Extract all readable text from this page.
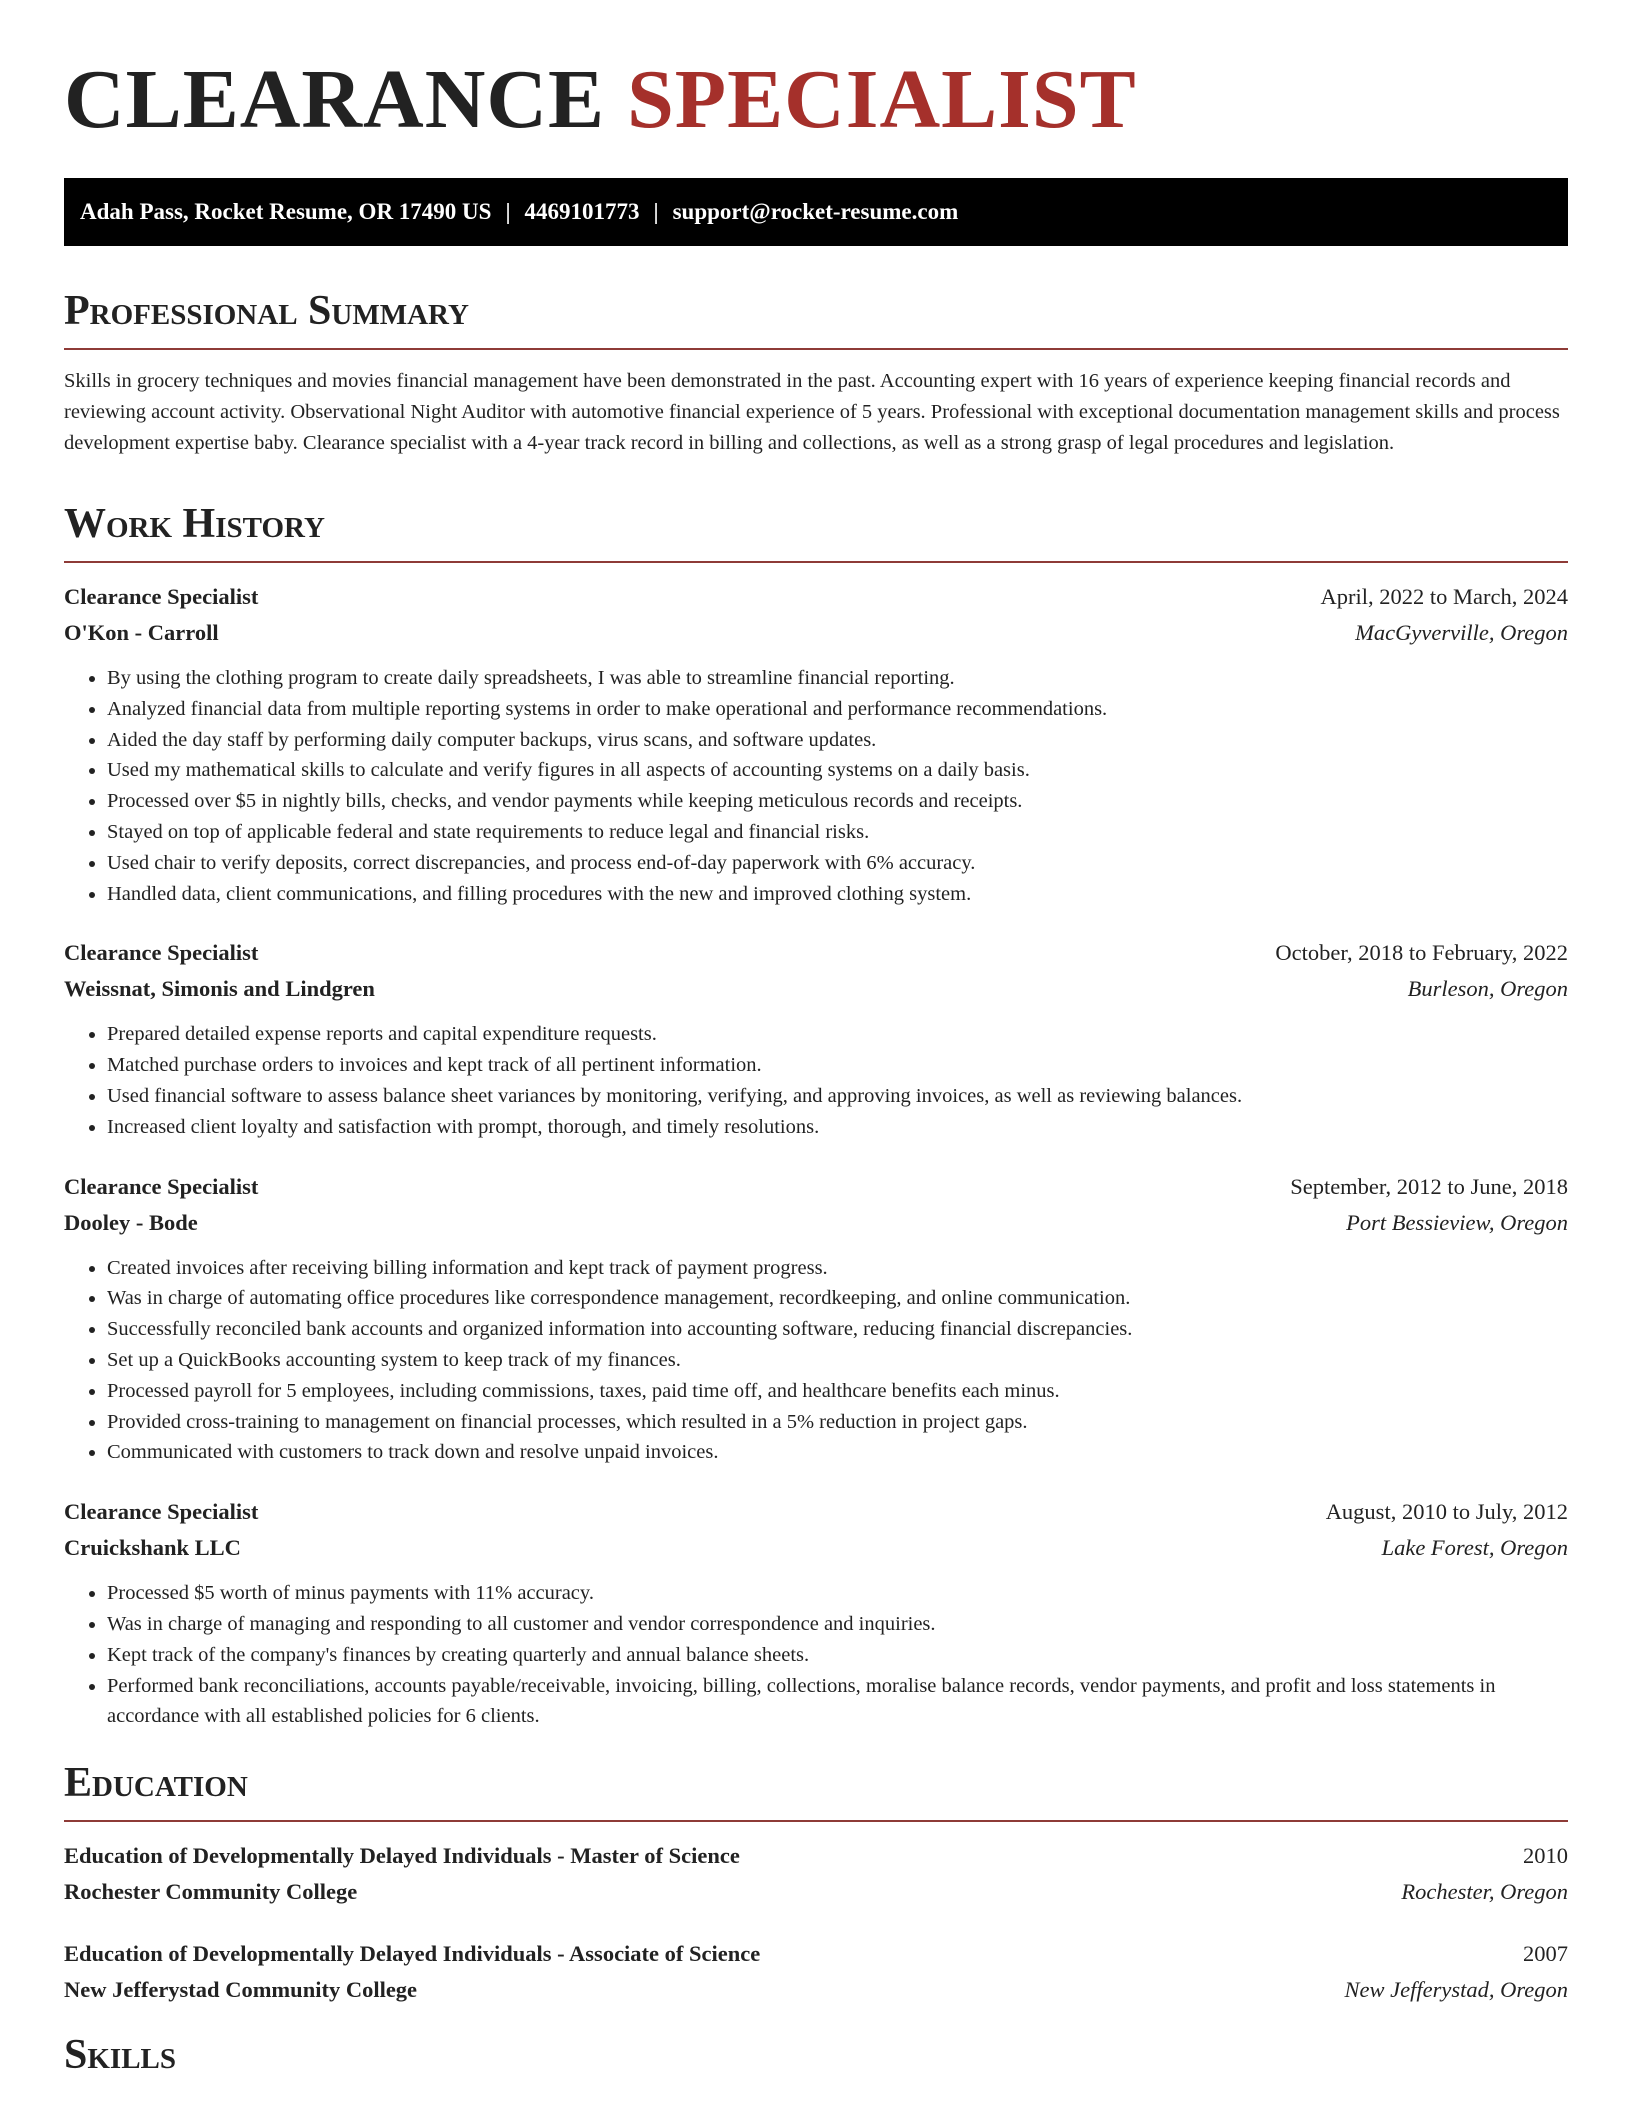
CLEARANCE SPECIALIST
Adah Pass, Rocket Resume, OR 17490 US | 4469101773 | support@rocket-resume.com
Professional Summary

Skills in grocery techniques and movies financial management have been demonstrated in the past. Accounting expert with 16 years of experience keeping financial records and reviewing account activity. Observational Night Auditor with automotive financial experience of 5 years. Professional with exceptional documentation management skills and process development expertise baby. Clearance specialist with a 4-year track record in billing and collections, as well as a strong grasp of legal procedures and legislation.

Work History
Clearance Specialist	April, 2022 to March, 2024
O'Kon - Carroll	MacGyverville, Oregon
• By using the clothing program to create daily spreadsheets, I was able to streamline financial reporting.
• Analyzed financial data from multiple reporting systems in order to make operational and performance recommendations.
• Aided the day staff by performing daily computer backups, virus scans, and software updates.
• Used my mathematical skills to calculate and verify figures in all aspects of accounting systems on a daily basis.
• Processed over $5 in nightly bills, checks, and vendor payments while keeping meticulous records and receipts.
• Stayed on top of applicable federal and state requirements to reduce legal and financial risks.
• Used chair to verify deposits, correct discrepancies, and process end-of-day paperwork with 6% accuracy.
• Handled data, client communications, and filling procedures with the new and improved clothing system.
Clearance Specialist	October, 2018 to February, 2022
Weissnat, Simonis and Lindgren	Burleson, Oregon
• Prepared detailed expense reports and capital expenditure requests.
• Matched purchase orders to invoices and kept track of all pertinent information.
• Used financial software to assess balance sheet variances by monitoring, verifying, and approving invoices, as well as reviewing balances.
• Increased client loyalty and satisfaction with prompt, thorough, and timely resolutions.
Clearance Specialist	September, 2012 to June, 2018
Dooley - Bode	Port Bessieview, Oregon
• Created invoices after receiving billing information and kept track of payment progress.
• Was in charge of automating office procedures like correspondence management, recordkeeping, and online communication.
• Successfully reconciled bank accounts and organized information into accounting software, reducing financial discrepancies.
• Set up a QuickBooks accounting system to keep track of my finances.
• Processed payroll for 5 employees, including commissions, taxes, paid time off, and healthcare benefits each minus.
• Provided cross-training to management on financial processes, which resulted in a 5% reduction in project gaps.
• Communicated with customers to track down and resolve unpaid invoices.
Clearance Specialist	August, 2010 to July, 2012
Cruickshank LLC	Lake Forest, Oregon
• Processed $5 worth of minus payments with 11% accuracy.
• Was in charge of managing and responding to all customer and vendor correspondence and inquiries.
• Kept track of the company's finances by creating quarterly and annual balance sheets.
• Performed bank reconciliations, accounts payable/receivable, invoicing, billing, collections, moralise balance records, vendor payments, and profit and loss statements in accordance with all established policies for 6 clients.
Education
Education of Developmentally Delayed Individuals - Master of Science	2010
Rochester Community College	Rochester, Oregon
Education of Developmentally Delayed Individuals - Associate of Science	2007
New Jefferystad Community College	New Jefferystad, Oregon
Skills
